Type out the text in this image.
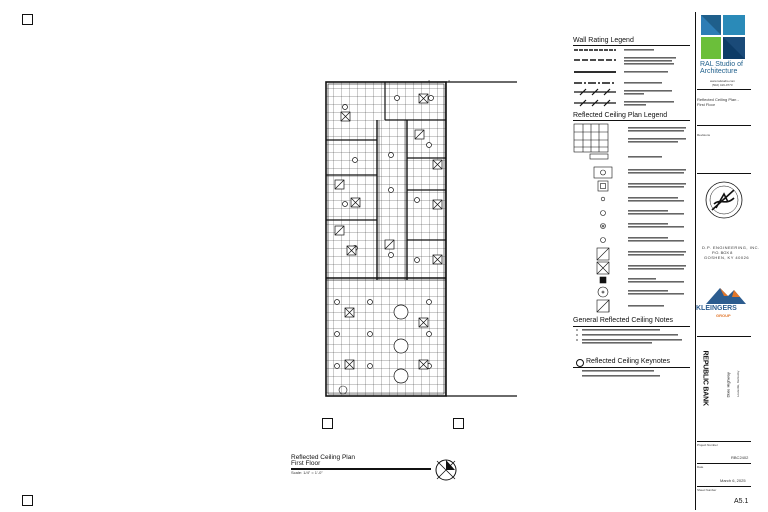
Reflected Ceiling Plan
First Floor
Scale: 1/4" = 1'-0"
Wall Rating Legend
Reflected Ceiling Plan Legend
General Reflected Ceiling Notes
Reflected Ceiling Keynotes
RAL Studio of
Architecture
www.ralstudio.com
(502) 419-0773
Reflected Ceiling Plan -
First Floor
Revisions
D.P. ENGINEERING, INC.
P.O. BOX 8
GOSHEN, KY 40026
KLEINGERS
GROUP
REPUBLIC BANK	Dixie Highway Louisville, Kentucky
Project Number
RBC2402
Date
March 6, 2025
Sheet Number
A5.1
